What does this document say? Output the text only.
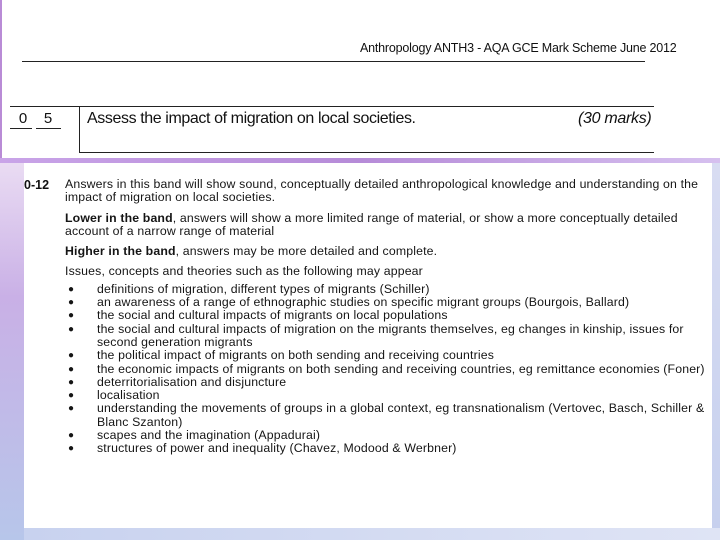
Anthropology ANTH3 - AQA GCE Mark Scheme June 2012
0	5	Assess the impact of migration on local societies.	(30 marks)
0-12 Answers in this band will show sound, conceptually detailed anthropological knowledge and understanding on the impact of migration on local societies.

Lower in the band, answers will show a more limited range of material, or show a more conceptually detailed account of a narrow range of material

Higher in the band, answers may be more detailed and complete.

Issues, concepts and theories such as the following may appear

● definitions of migration, different types of migrants (Schiller)
● an awareness of a range of ethnographic studies on specific migrant groups (Bourgois, Ballard)
● the social and cultural impacts of migrants on local populations
● the social and cultural impacts of migration on the migrants themselves, eg changes in kinship, issues for second generation migrants
● the political impact of migrants on both sending and receiving countries
● the economic impacts of migrants on both sending and receiving countries, eg remittance economies (Foner)
● deterritorialisation and disjuncture
● localisation
● understanding the movements of groups in a global context, eg transnationalism (Vertovec, Basch, Schiller & Blanc Szanton)
● scapes and the imagination (Appadurai)
● structures of power and inequality (Chavez, Modood & Werbner)
